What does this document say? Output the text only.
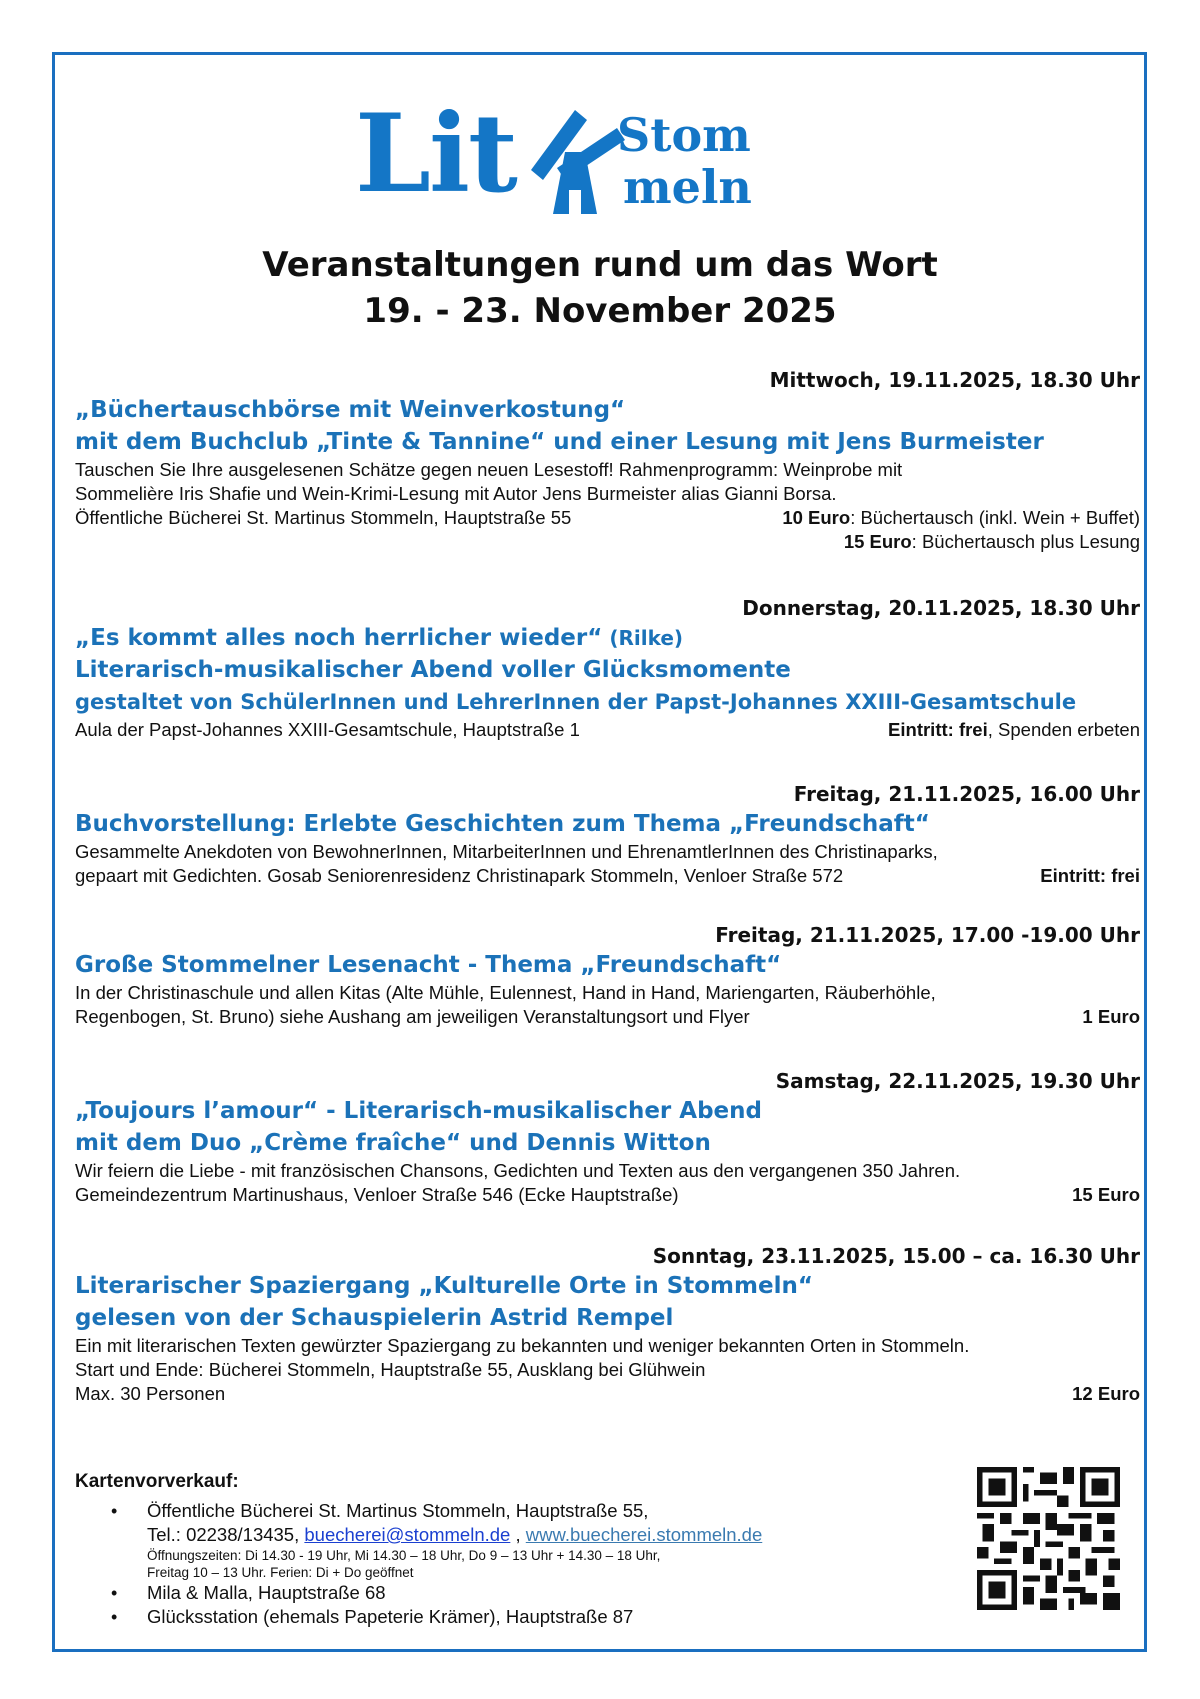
Lit Stom
meln
Veranstaltungen rund um das Wort
19. - 23. November 2025
Mittwoch, 19.11.2025, 18.30 Uhr
„Büchertauschbörse mit Weinverkostung“
mit dem Buchclub „Tinte & Tannine“ und einer Lesung mit Jens Burmeister
Tauschen Sie Ihre ausgelesenen Schätze gegen neuen Lesestoff! Rahmenprogramm: Weinprobe mit
Sommelière Iris Shafie und Wein-Krimi-Lesung mit Autor Jens Burmeister alias Gianni Borsa.
Öffentliche Bücherei St. Martinus Stommeln, Hauptstraße 55	10 Euro: Büchertausch (inkl. Wein + Buffet)
15 Euro: Büchertausch plus Lesung
Donnerstag, 20.11.2025, 18.30 Uhr
„Es kommt alles noch herrlicher wieder“ (Rilke)
Literarisch-musikalischer Abend voller Glücksmomente
gestaltet von SchülerInnen und LehrerInnen der Papst-Johannes XXIII-Gesamtschule
Aula der Papst-Johannes XXIII-Gesamtschule, Hauptstraße 1	Eintritt: frei, Spenden erbeten
Freitag, 21.11.2025, 16.00 Uhr
Buchvorstellung: Erlebte Geschichten zum Thema „Freundschaft“
Gesammelte Anekdoten von BewohnerInnen, MitarbeiterInnen und EhrenamtlerInnen des Christinaparks,
gepaart mit Gedichten. Gosab Seniorenresidenz Christinapark Stommeln, Venloer Straße 572	Eintritt: frei
Freitag, 21.11.2025, 17.00 -19.00 Uhr
Große Stommelner Lesenacht - Thema „Freundschaft“
In der Christinaschule und allen Kitas (Alte Mühle, Eulennest, Hand in Hand, Mariengarten, Räuberhöhle,
Regenbogen, St. Bruno) siehe Aushang am jeweiligen Veranstaltungsort und Flyer	1 Euro
Samstag, 22.11.2025, 19.30 Uhr
„Toujours l’amour“ - Literarisch-musikalischer Abend
mit dem Duo „Crème fraîche“ und Dennis Witton
Wir feiern die Liebe - mit französischen Chansons, Gedichten und Texten aus den vergangenen 350 Jahren.
Gemeindezentrum Martinushaus, Venloer Straße 546 (Ecke Hauptstraße)	15 Euro
Sonntag, 23.11.2025, 15.00 – ca. 16.30 Uhr
Literarischer Spaziergang „Kulturelle Orte in Stommeln“
gelesen von der Schauspielerin Astrid Rempel
Ein mit literarischen Texten gewürzter Spaziergang zu bekannten und weniger bekannten Orten in Stommeln.
Start und Ende: Bücherei Stommeln, Hauptstraße 55, Ausklang bei Glühwein
Max. 30 Personen	12 Euro
Kartenvorverkauf:
• Öffentliche Bücherei St. Martinus Stommeln, Hauptstraße 55,
Tel.: 02238/13435, buecherei@stommeln.de , www.buecherei.stommeln.de
Öffnungszeiten: Di 14.30 - 19 Uhr, Mi 14.30 – 18 Uhr, Do 9 – 13 Uhr + 14.30 – 18 Uhr,
Freitag 10 – 13 Uhr. Ferien: Di + Do geöffnet
• Mila & Malla, Hauptstraße 68
• Glücksstation (ehemals Papeterie Krämer), Hauptstraße 87
